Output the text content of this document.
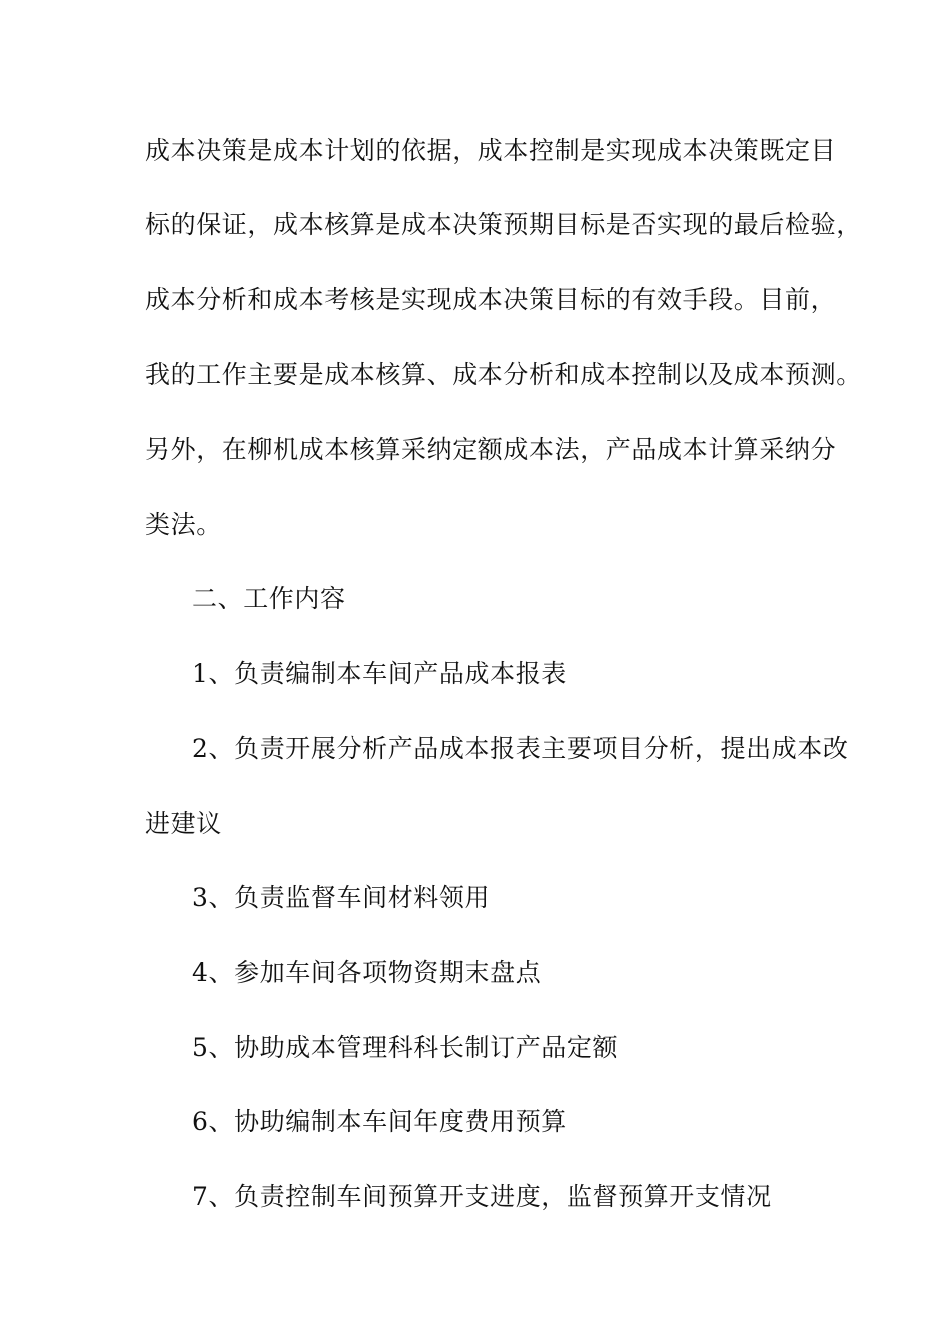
成本决策是成本计划的依据，成本控制是实现成本决策既定目
标的保证，成本核算是成本决策预期目标是否实现的最后检验，
成本分析和成本考核是实现成本决策目标的有效手段。目前，
我的工作主要是成本核算、成本分析和成本控制以及成本预测。
另外，在柳机成本核算采纳定额成本法，产品成本计算采纳分
类法。
二、工作内容
1、负责编制本车间产品成本报表
2、负责开展分析产品成本报表主要项目分析，提出成本改
进建议
3、负责监督车间材料领用
4、参加车间各项物资期末盘点
5、协助成本管理科科长制订产品定额
6、协助编制本车间年度费用预算
7、负责控制车间预算开支进度，监督预算开支情况
